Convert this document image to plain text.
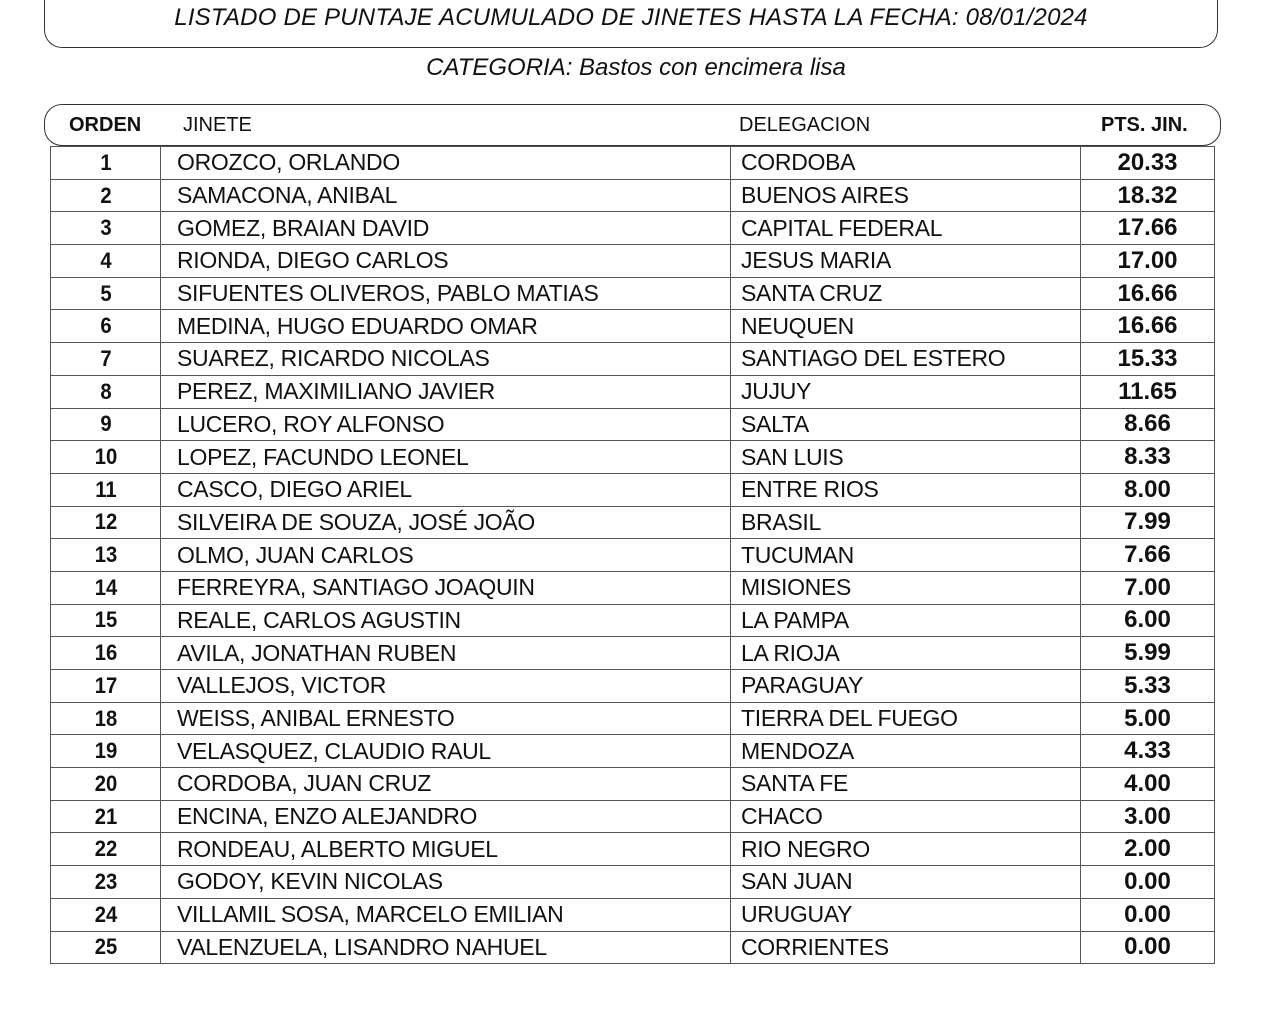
LISTADO DE PUNTAJE ACUMULADO DE JINETES HASTA LA FECHA: 08/01/2024
CATEGORIA: Bastos con encimera lisa
ORDEN JINETE	DELEGACION	PTS. JIN.
1	OROZCO, ORLANDO	CORDOBA	20.33
2	SAMACONA, ANIBAL	BUENOS AIRES	18.32
3	GOMEZ, BRAIAN DAVID	CAPITAL FEDERAL	17.66
4	RIONDA, DIEGO CARLOS	JESUS MARIA	17.00
5	SIFUENTES OLIVEROS, PABLO MATIAS	SANTA CRUZ	16.66
6	MEDINA, HUGO EDUARDO OMAR	NEUQUEN	16.66
7	SUAREZ, RICARDO NICOLAS	SANTIAGO DEL ESTERO	15.33
8	PEREZ, MAXIMILIANO JAVIER	JUJUY	11.65
9	LUCERO, ROY ALFONSO	SALTA	8.66
10	LOPEZ, FACUNDO LEONEL	SAN LUIS	8.33
11	CASCO, DIEGO ARIEL	ENTRE RIOS	8.00
12	SILVEIRA DE SOUZA, JOSÉ JOÃO	BRASIL	7.99
13	OLMO, JUAN CARLOS	TUCUMAN	7.66
14	FERREYRA, SANTIAGO JOAQUIN	MISIONES	7.00
15	REALE, CARLOS AGUSTIN	LA PAMPA	6.00
16	AVILA, JONATHAN RUBEN	LA RIOJA	5.99
17	VALLEJOS, VICTOR	PARAGUAY	5.33
18	WEISS, ANIBAL ERNESTO	TIERRA DEL FUEGO	5.00
19	VELASQUEZ, CLAUDIO RAUL	MENDOZA	4.33
20	CORDOBA, JUAN CRUZ	SANTA FE	4.00
21	ENCINA, ENZO ALEJANDRO	CHACO	3.00
22	RONDEAU, ALBERTO MIGUEL	RIO NEGRO	2.00
23	GODOY, KEVIN NICOLAS	SAN JUAN	0.00
24	VILLAMIL SOSA, MARCELO EMILIAN	URUGUAY	0.00
25	VALENZUELA, LISANDRO NAHUEL	CORRIENTES	0.00
